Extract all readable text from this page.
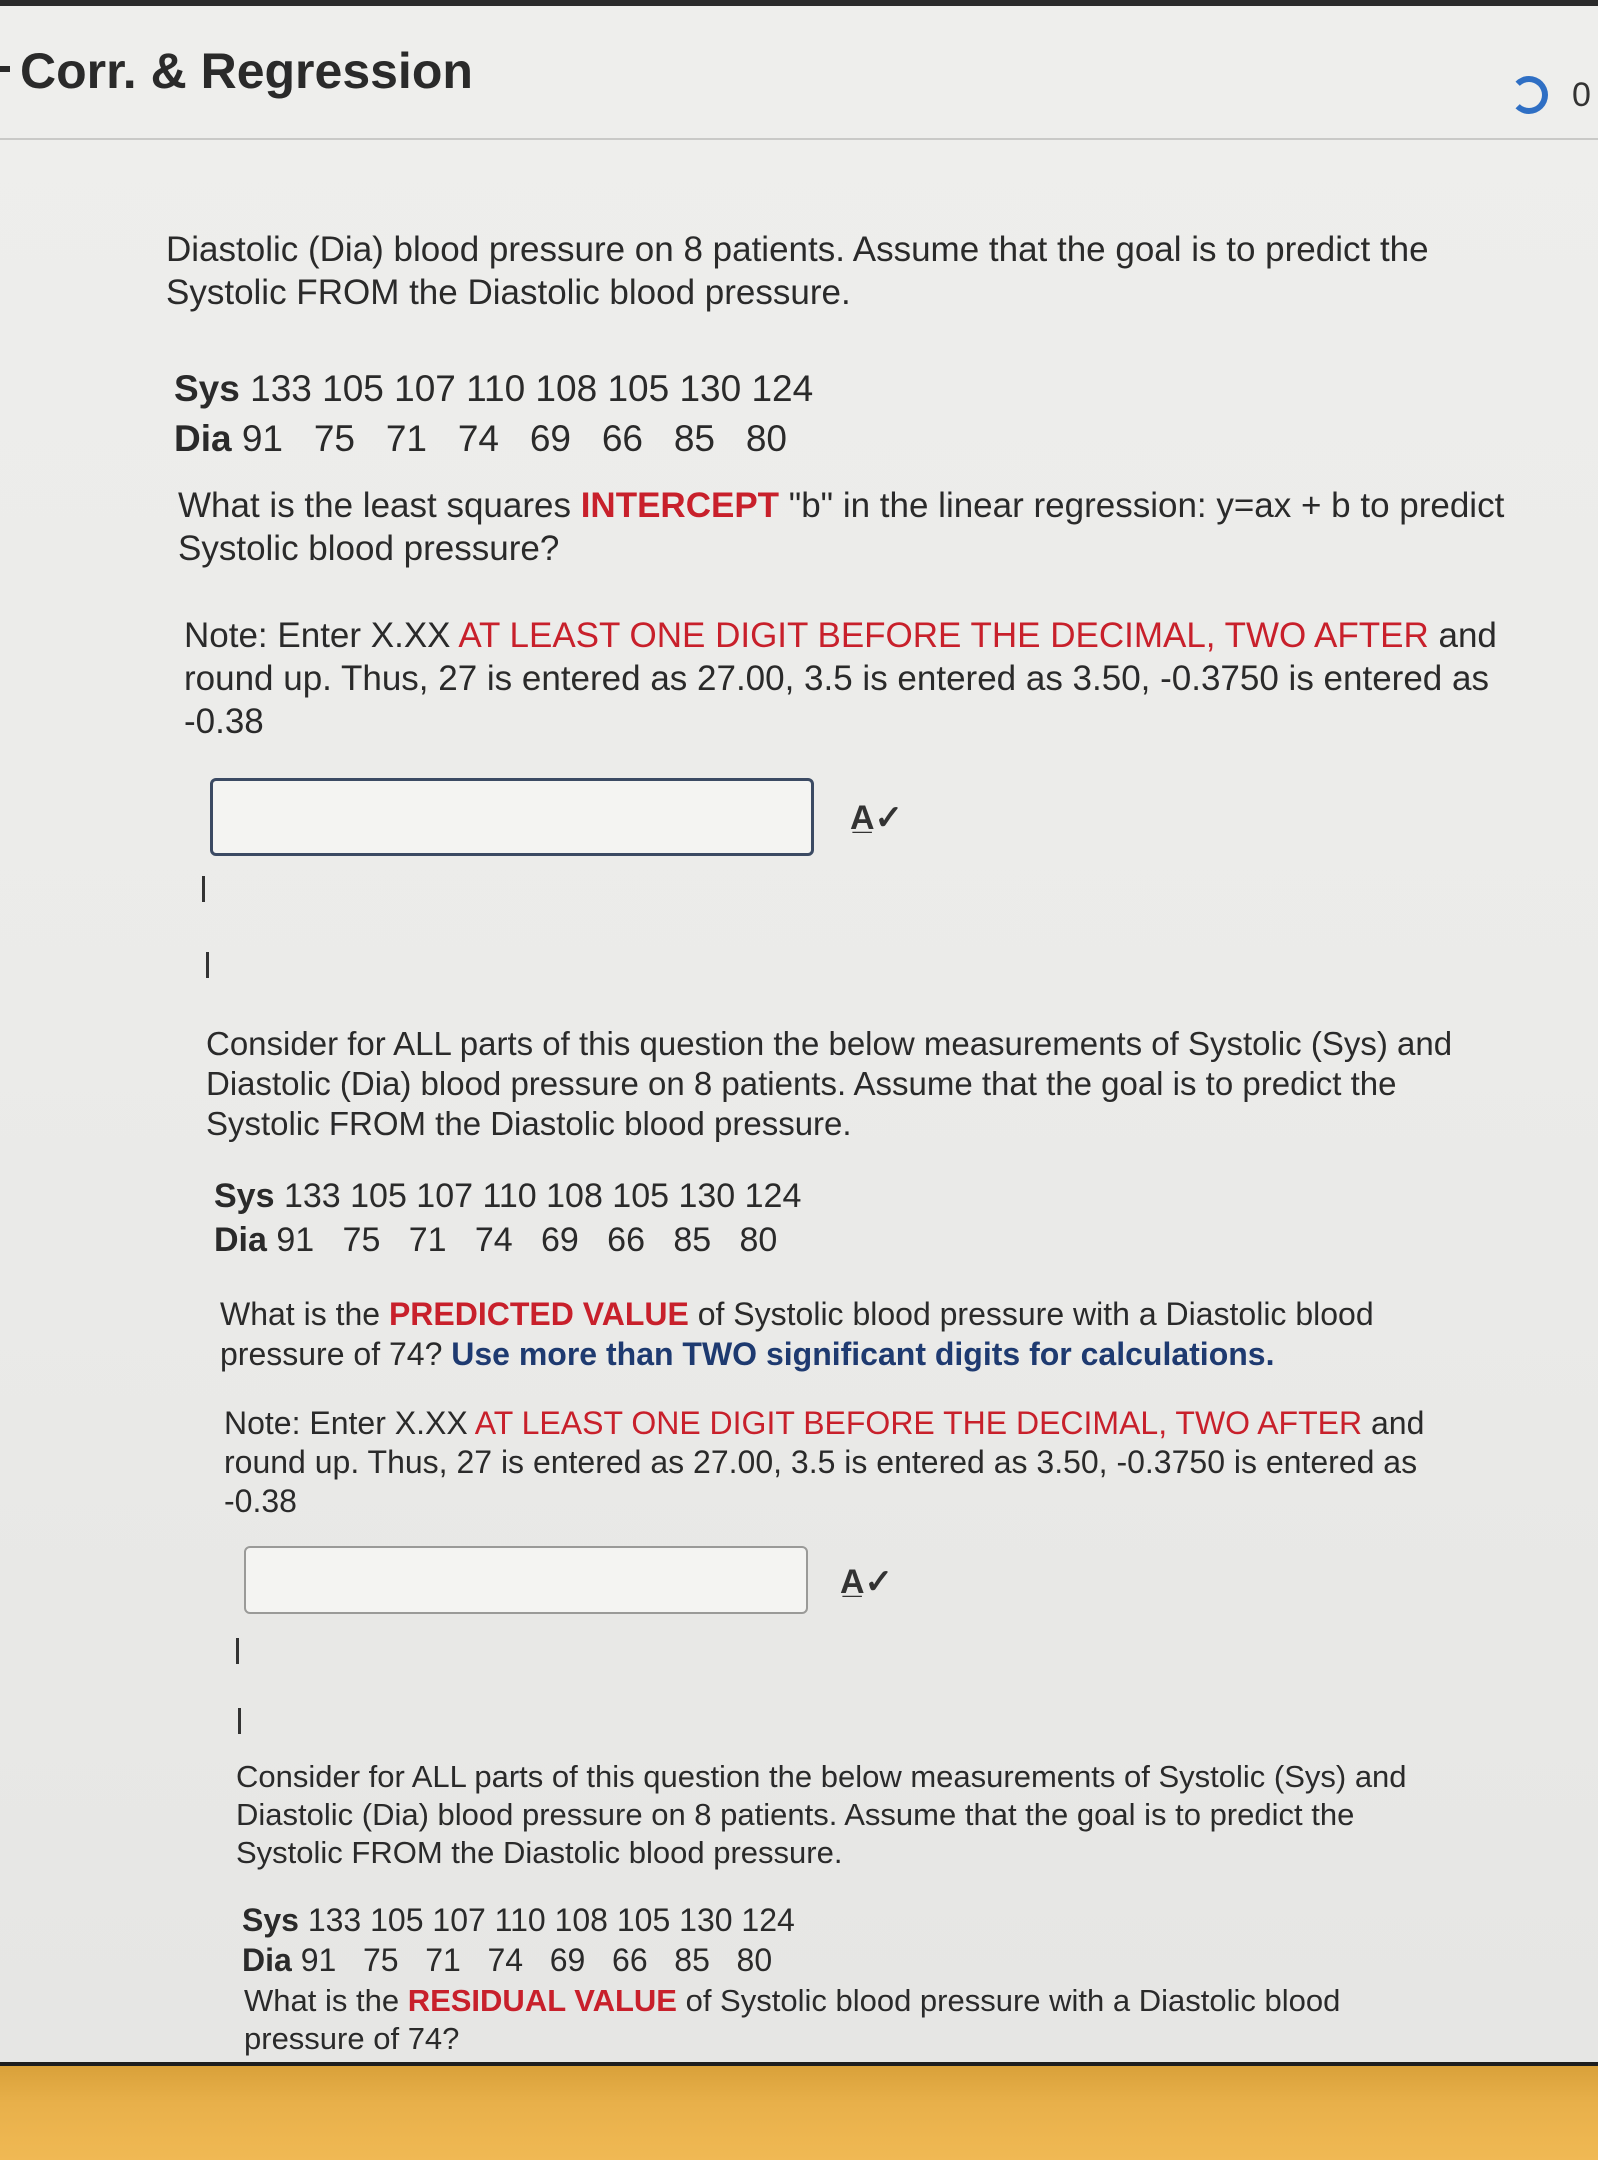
Corr. & Regression	0

Diastolic (Dia) blood pressure on 8 patients. Assume that the goal is to predict the

Systolic FROM the Diastolic blood pressure.

Sys 133 105 107 110 108 105 130 124
Dia 91   75   71   74   69   66   85   80

What is the least squares INTERCEPT "b" in the linear regression: y=ax + b to predict

Systolic blood pressure?

Note: Enter X.XX AT LEAST ONE DIGIT BEFORE THE DECIMAL, TWO AFTER and

round up. Thus, 27 is entered as 27.00, 3.5 is entered as 3.50, -0.3750 is entered as

-0.38

A̲✓

Consider for ALL parts of this question the below measurements of Systolic (Sys) and

Diastolic (Dia) blood pressure on 8 patients. Assume that the goal is to predict the

Systolic FROM the Diastolic blood pressure.

Sys 133 105 107 110 108 105 130 124
Dia 91   75   71   74   69   66   85   80

What is the PREDICTED VALUE of Systolic blood pressure with a Diastolic blood

pressure of 74? Use more than TWO significant digits for calculations.

Note: Enter X.XX AT LEAST ONE DIGIT BEFORE THE DECIMAL, TWO AFTER and

round up. Thus, 27 is entered as 27.00, 3.5 is entered as 3.50, -0.3750 is entered as

-0.38

A̲✓

Consider for ALL parts of this question the below measurements of Systolic (Sys) and

Diastolic (Dia) blood pressure on 8 patients. Assume that the goal is to predict the

Systolic FROM the Diastolic blood pressure.

Sys 133 105 107 110 108 105 130 124
Dia 91   75   71   74   69   66   85   80

What is the RESIDUAL VALUE of Systolic blood pressure with a Diastolic blood

pressure of 74?
